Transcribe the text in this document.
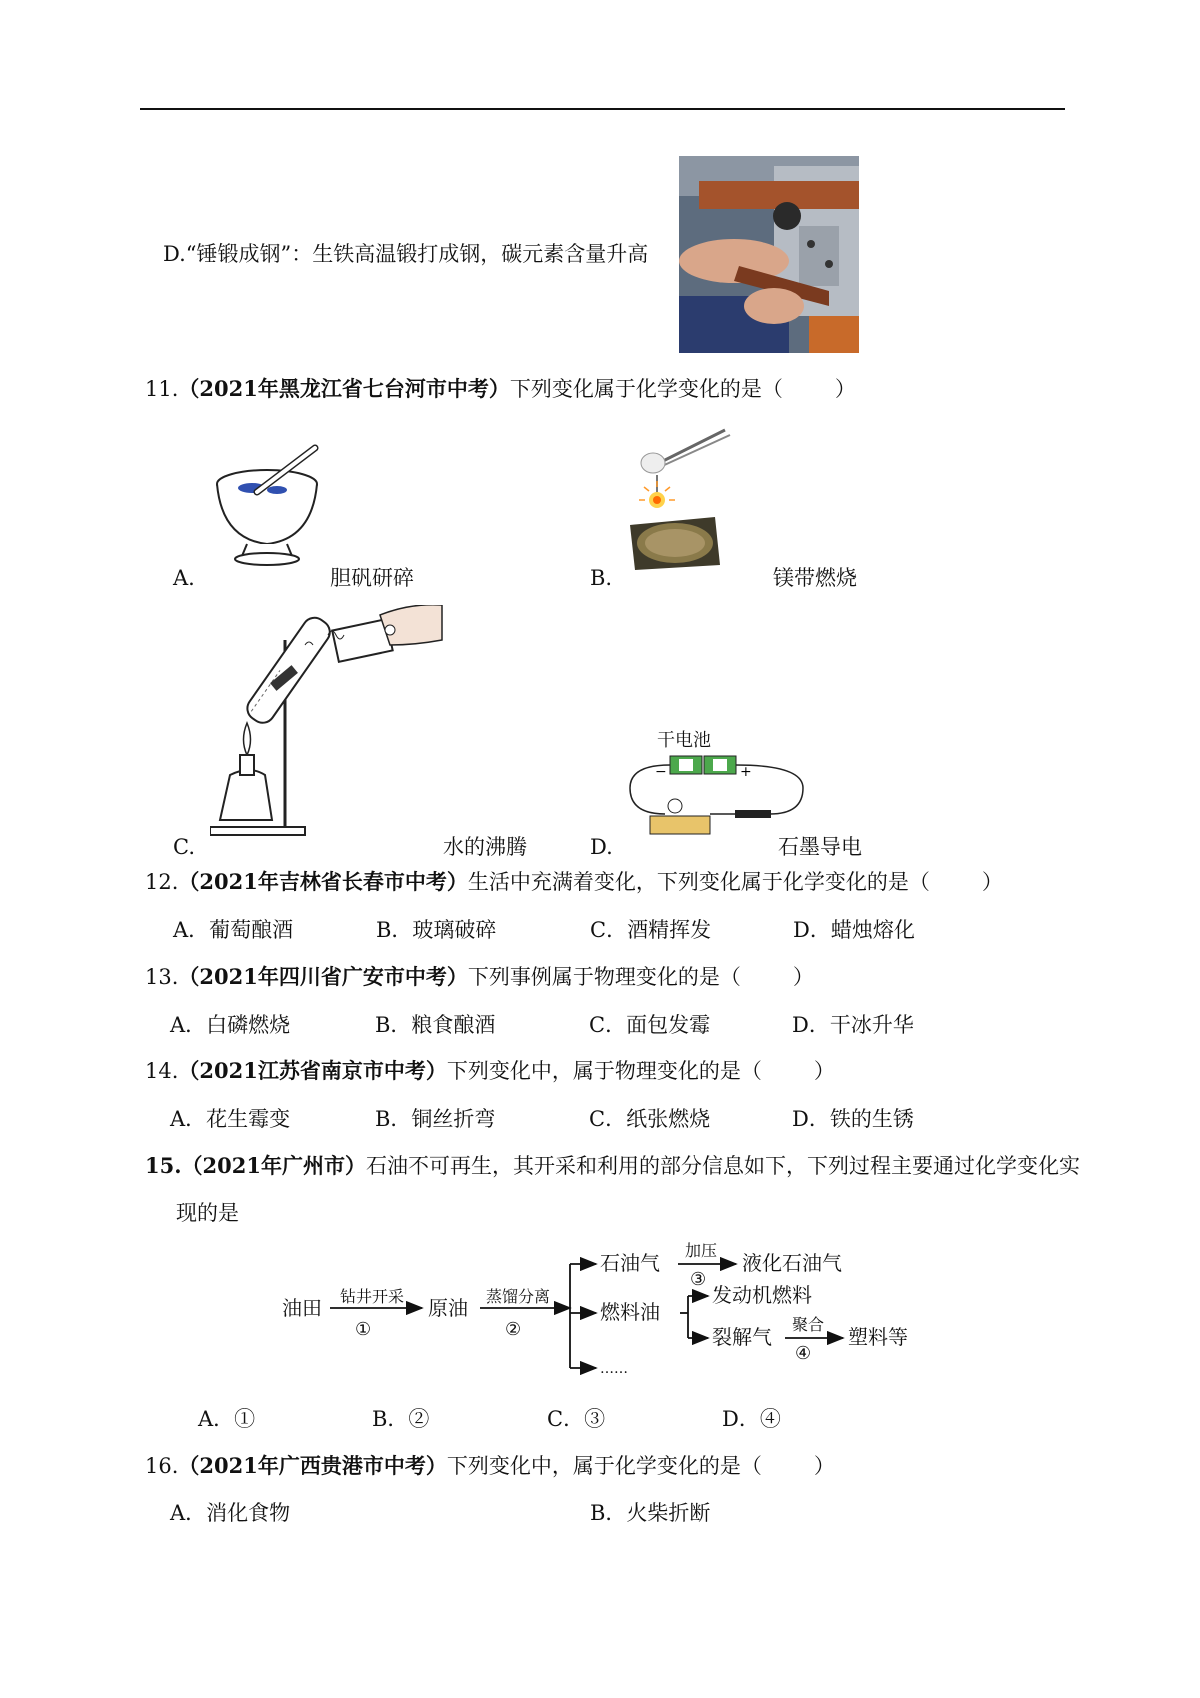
D.“锤锻成钢”：生铁高温锻打成钢，碳元素含量升高
11.（2021年黑龙江省七台河市中考）下列变化属于化学变化的是（ ）
A.	胆矾研碎	B.	镁带燃烧
C.	水的沸腾	D.
干电池
−	+
石墨导电
12.（2021年吉林省长春市中考）生活中充满着变化，下列变化属于化学变化的是（ ）
A．葡萄酿酒	B．玻璃破碎	C．酒精挥发	D．蜡烛熔化
13.（2021年四川省广安市中考）下列事例属于物理变化的是（ ）
A．白磷燃烧	B．粮食酿酒	C．面包发霉	D．干冰升华
14.（2021江苏省南京市中考）下列变化中，属于物理变化的是（ ）
A．花生霉变	B．铜丝折弯	C．纸张燃烧	D．铁的生锈
15.（2021年广州市）石油不可再生，其开采和利用的部分信息如下，下列过程主要通过化学变化实
现的是
油田 钻井开采
①
原油 蒸馏分离
②
石油气
加压
③
液化石油气
燃料油
发动机燃料
裂解气
聚合
④
塑料等
……
A．①	B．②	C．③	D．④
16.（2021年广西贵港市中考）下列变化中，属于化学变化的是（ ）
A．消化食物	B．火柴折断
